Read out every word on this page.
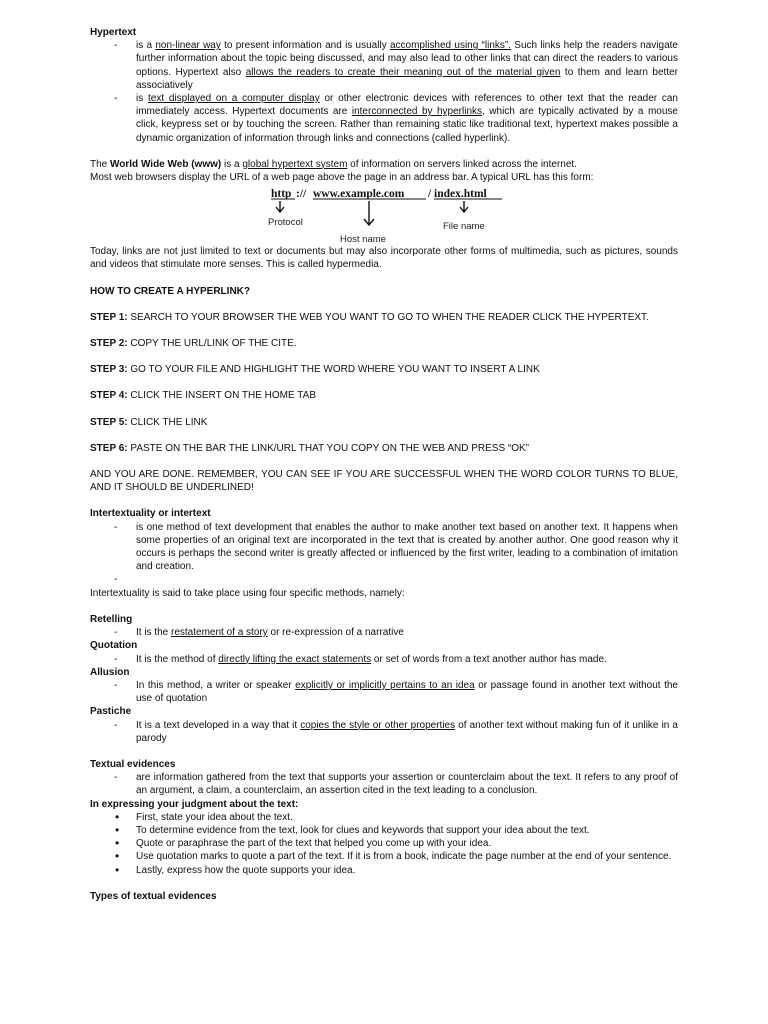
Hypertext

-	is a non-linear way to present information and is usually accomplished using “links”. Such links help the readers navigate further information about the topic being discussed, and may also lead to other links that can direct the readers to various options. Hypertext also allows the readers to create their meaning out of the material given to them and learn better associatively
-	is text displayed on a computer display or other electronic devices with references to other text that the reader can immediately access. Hypertext documents are interconnected by hyperlinks, which are typically activated by a mouse click, keypress set or by touching the screen. Rather than remaining static like traditional text, hypertext makes possible a dynamic organization of information through links and connections (called hyperlink).

The World Wide Web (www) is a global hypertext system of information on servers linked across the internet.

Most web browsers display the URL of a web page above the page in an address bar. A typical URL has this form:

http :// www.example.com / index.html
Protocol
Host name
File name

Today, links are not just limited to text or documents but may also incorporate other forms of multimedia, such as pictures, sounds and videos that stimulate more senses. This is called hypermedia.

HOW TO CREATE A HYPERLINK?

STEP 1: SEARCH TO YOUR BROWSER THE WEB YOU WANT TO GO TO WHEN THE READER CLICK THE HYPERTEXT.

STEP 2: COPY THE URL/LINK OF THE CITE.

STEP 3: GO TO YOUR FILE AND HIGHLIGHT THE WORD WHERE YOU WANT TO INSERT A LINK

STEP 4: CLICK THE INSERT ON THE HOME TAB

STEP 5: CLICK THE LINK

STEP 6: PASTE ON THE BAR THE LINK/URL THAT YOU COPY ON THE WEB AND PRESS “OK”

AND YOU ARE DONE. REMEMBER, YOU CAN SEE IF YOU ARE SUCCESSFUL WHEN THE WORD COLOR TURNS TO BLUE, AND IT SHOULD BE UNDERLINED!

Intertextuality or intertext

-	is one method of text development that enables the author to make another text based on another text. It happens when some properties of an original text are incorporated in the text that is created by another author. One good reason why it occurs is perhaps the second writer is greatly affected or influenced by the first writer, leading to a combination of imitation and creation.
-

Intertextuality is said to take place using four specific methods, namely:

Retelling

-	It is the restatement of a story or re-expression of a narrative

Quotation

-	It is the method of directly lifting the exact statements or set of words from a text another author has made.

Allusion

-	In this method, a writer or speaker explicitly or implicitly pertains to an idea or passage found in another text without the use of quotation

Pastiche

-	It is a text developed in a way that it copies the style or other properties of another text without making fun of it unlike in a parody

Textual evidences

-	are information gathered from the text that supports your assertion or counterclaim about the text. It refers to any proof of an argument, a claim, a counterclaim, an assertion cited in the text leading to a conclusion.

In expressing your judgment about the text:

•	First, state your idea about the text.
•	To determine evidence from the text, look for clues and keywords that support your idea about the text.
•	Quote or paraphrase the part of the text that helped you come up with your idea.
•	Use quotation marks to quote a part of the text. If it is from a book, indicate the page number at the end of your sentence.
•	Lastly, express how the quote supports your idea.

Types of textual evidences
